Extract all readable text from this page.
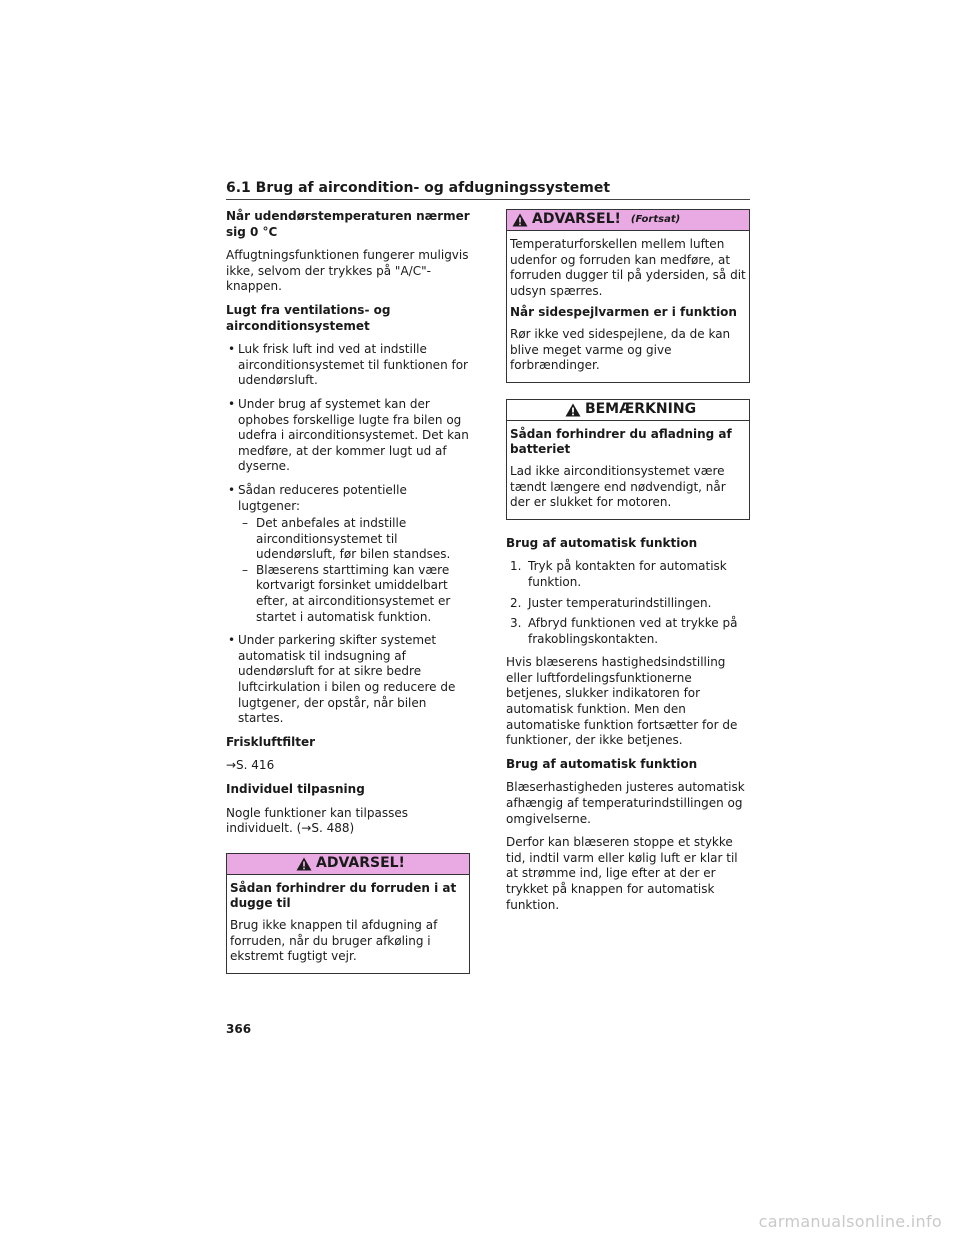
6.1 Brug af aircondition- og afdugningssystemet
Når udendørstemperaturen nærmer sig 0 °C

Affugtningsfunktionen fungerer muligvis ikke, selvom der trykkes på "A/C"-knappen.

Lugt fra ventilations- og airconditionsystemet
• Luk frisk luft ind ved at indstille airconditionsystemet til funktionen for udendørsluft.
• Under brug af systemet kan der ophobes forskellige lugte fra bilen og udefra i airconditionsystemet. Det kan medføre, at der kommer lugt ud af dyserne.
• Sådan reduceres potentielle lugtgener:
– Det anbefales at indstille airconditionsystemet til udendørsluft, før bilen standses.
– Blæserens starttiming kan være kortvarigt forsinket umiddelbart efter, at airconditionsystemet er startet i automatisk funktion.
• Under parkering skifter systemet automatisk til indsugning af udendørsluft for at sikre bedre luftcirkulation i bilen og reducere de lugtgener, der opstår, når bilen startes.
Friskluftfilter

→S. 416

Individuel tilpasning

Nogle funktioner kan tilpasses individuelt. (→S. 488)

ADVARSEL!
Sådan forhindrer du forruden i at dugge til

Brug ikke knappen til afdugning af forruden, når du bruger afkøling i ekstremt fugtigt vejr.

ADVARSEL! (Fortsat)

Temperaturforskellen mellem luften udenfor og forruden kan medføre, at forruden dugger til på ydersiden, så dit udsyn spærres.

Når sidespejlvarmen er i funktion

Rør ikke ved sidespejlene, da de kan blive meget varme og give forbrændinger.

BEMÆRKNING
Sådan forhindrer du afladning af batteriet

Lad ikke airconditionsystemet være tændt længere end nødvendigt, når der er slukket for motoren.

Brug af automatisk funktion
1. Tryk på kontakten for automatisk funktion.
2. Juster temperaturindstillingen.
3. Afbryd funktionen ved at trykke på frakoblingskontakten.

Hvis blæserens hastighedsindstilling eller luftfordelingsfunktionerne betjenes, slukker indikatoren for automatisk funktion. Men den automatiske funktion fortsætter for de funktioner, der ikke betjenes.

Brug af automatisk funktion

Blæserhastigheden justeres automatisk afhængig af temperaturindstillingen og omgivelserne.

Derfor kan blæseren stoppe et stykke tid, indtil varm eller kølig luft er klar til at strømme ind, lige efter at der er trykket på knappen for automatisk funktion.

366
carmanualsonline.info
